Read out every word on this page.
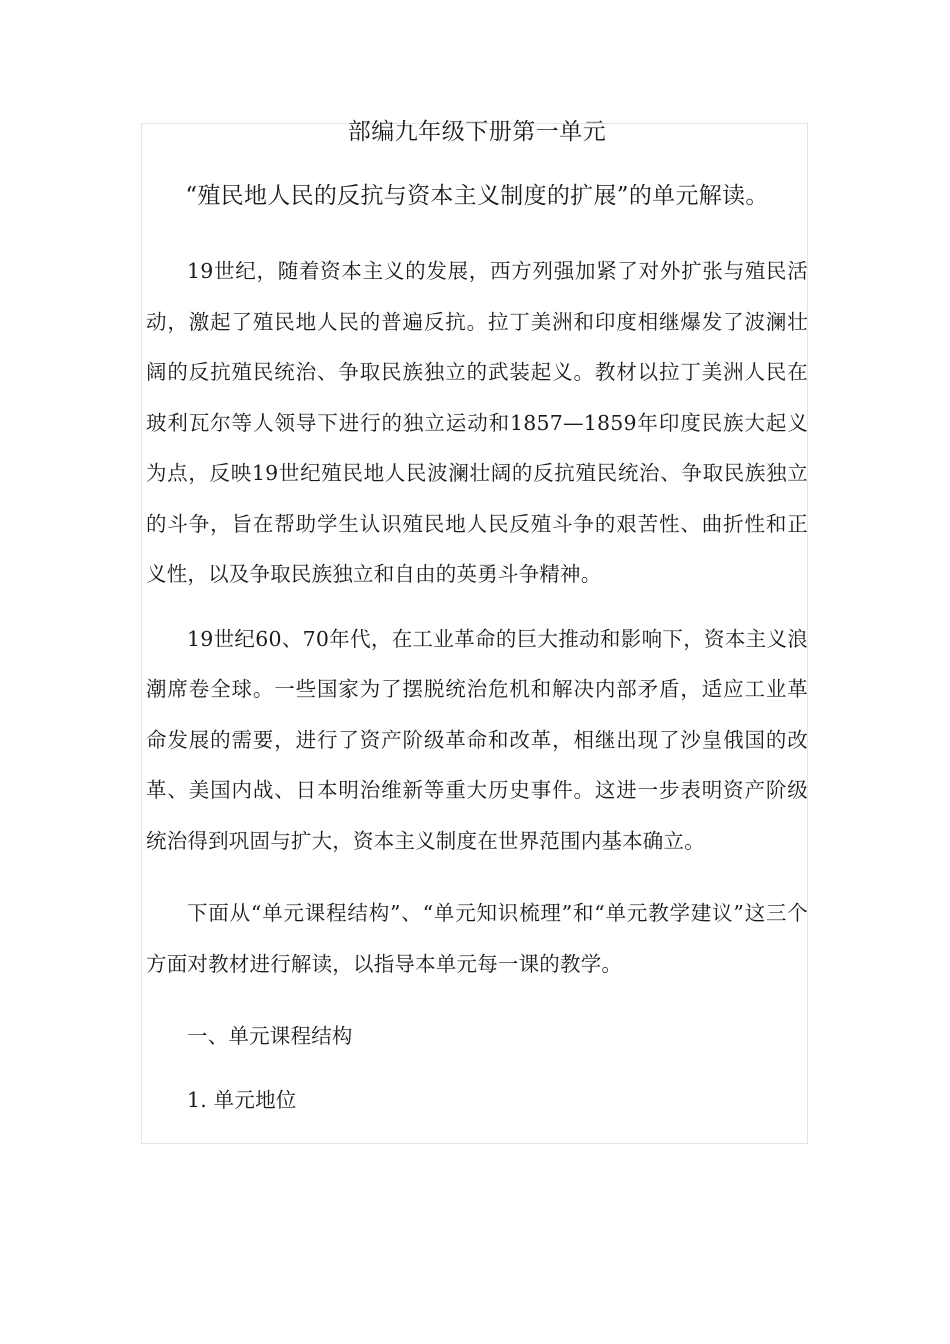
部编九年级下册第一单元
“殖民地人民的反抗与资本主义制度的扩展”的单元解读。

19世纪，随着资本主义的发展，西方列强加紧了对外扩张与殖民活动，激起了殖民地人民的普遍反抗。拉丁美洲和印度相继爆发了波澜壮阔的反抗殖民统治、争取民族独立的武装起义。教材以拉丁美洲人民在玻利瓦尔等人领导下进行的独立运动和1857—1859年印度民族大起义为点，反映19世纪殖民地人民波澜壮阔的反抗殖民统治、争取民族独立的斗争，旨在帮助学生认识殖民地人民反殖斗争的艰苦性、曲折性和正义性，以及争取民族独立和自由的英勇斗争精神。

19世纪60、70年代，在工业革命的巨大推动和影响下，资本主义浪潮席卷全球。一些国家为了摆脱统治危机和解决内部矛盾，适应工业革命发展的需要，进行了资产阶级革命和改革，相继出现了沙皇俄国的改革、美国内战、日本明治维新等重大历史事件。这进一步表明资产阶级统治得到巩固与扩大，资本主义制度在世界范围内基本确立。

下面从“单元课程结构”、“单元知识梳理”和“单元教学建议”这三个方面对教材进行解读，以指导本单元每一课的教学。

一、单元课程结构

1. 单元地位
